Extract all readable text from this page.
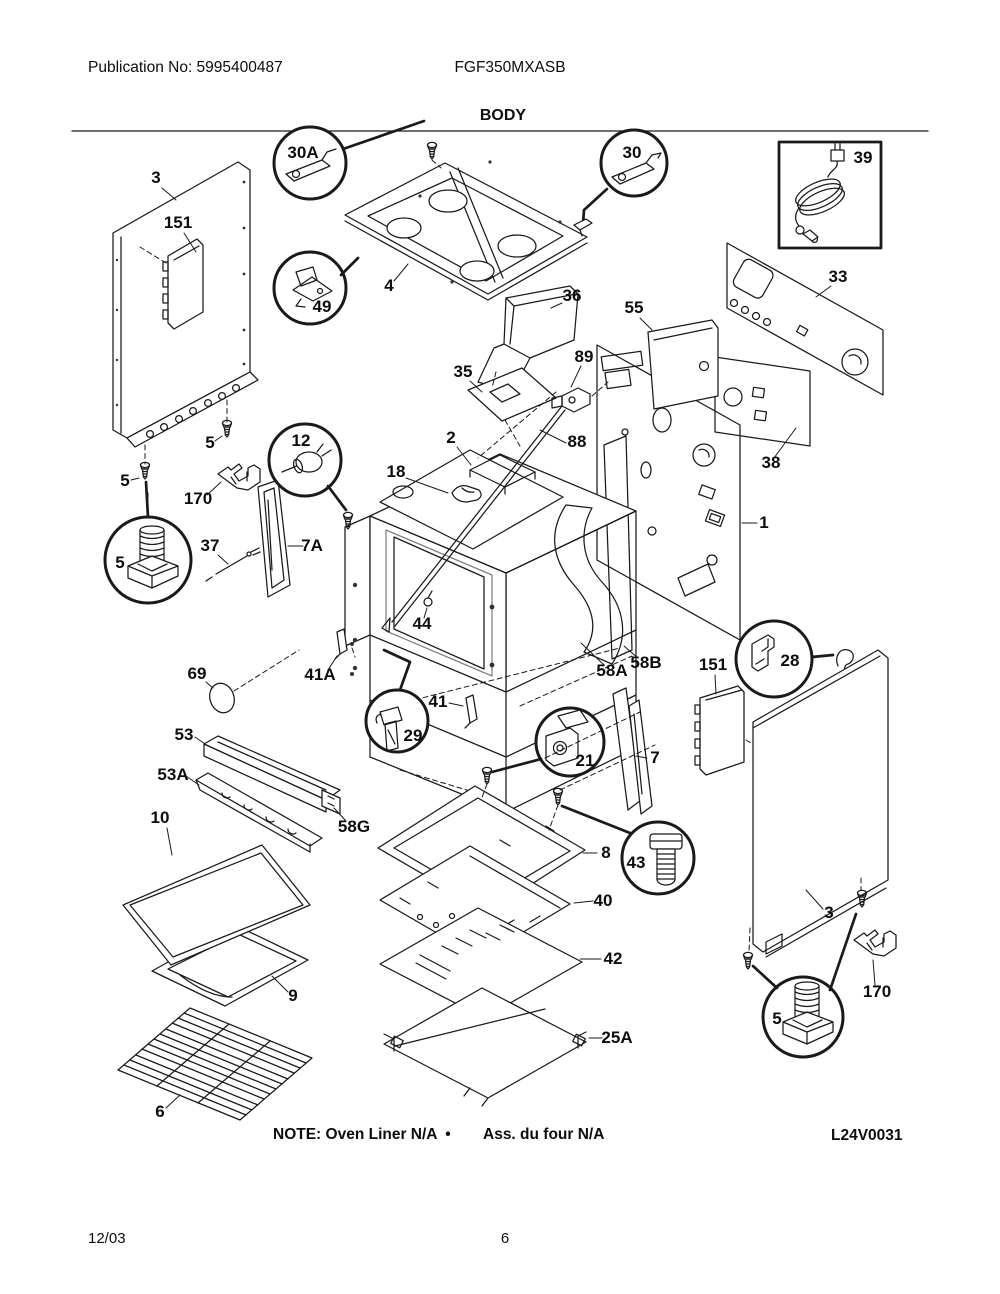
Publication No: 5995400487	FGF350MXASB
BODY
39
33
38
1
55
4
30A	30
49
3
151
36
35
58A 58B
2
89
88
18
5
5
170
37	7A
12
5
44
69	41A
41
29
21	7
53
58G
53A
9
10
6
8
43
40
42
25A
151	28
3
170
5
NOTE: Oven Liner N/A • Ass. du four N/A	L24V0031
12/03	6
